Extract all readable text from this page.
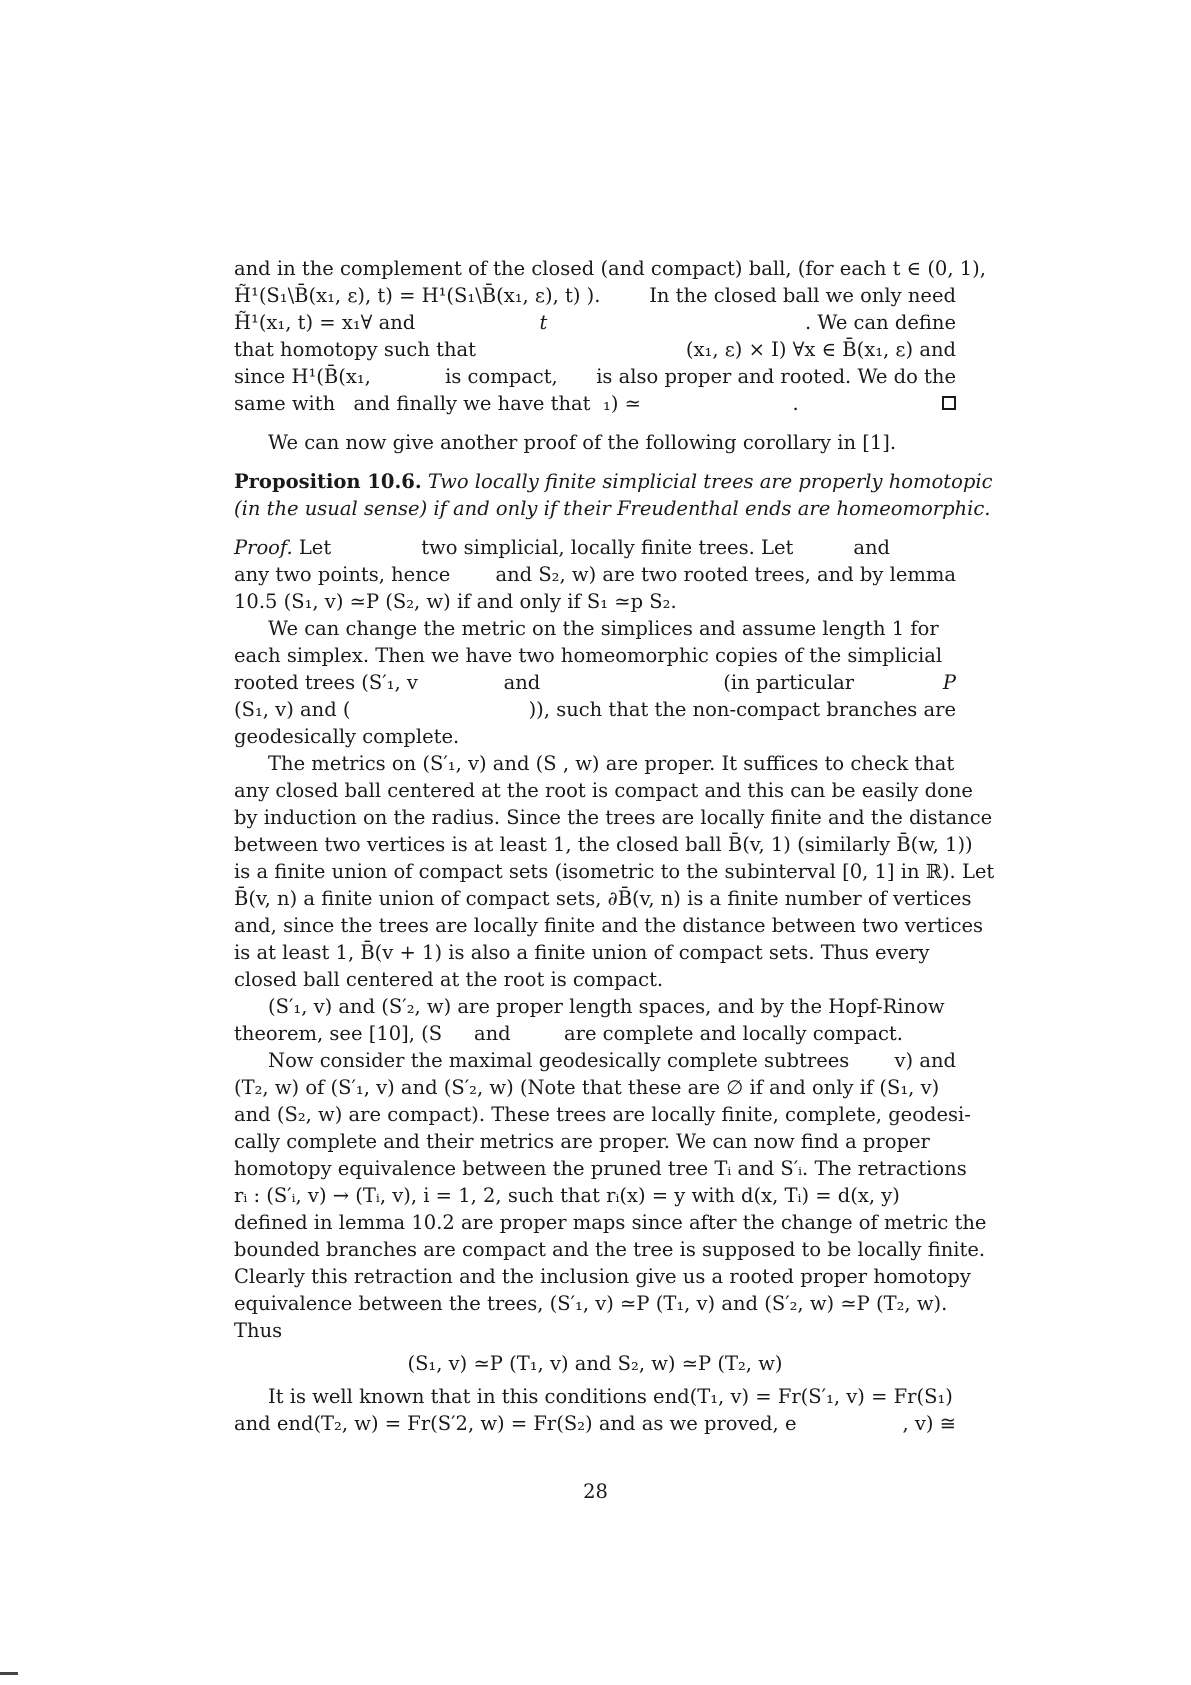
and in the complement of the closed (and compact) ball, (for each t ∈ (0, 1),
H̃¹(S₁\B̄(x₁, ε), t) = H¹(S₁\B̄(x₁, ε), t) ). In the closed ball we only need
H̃¹(x₁, t) = x₁∀ and	t	. We can define
that homotopy such that	(x₁, ε) × I) ∀x ∈ B̄(x₁, ε) and
since H¹(B̄(x₁,	is compact,	is also proper and rooted. We do the
same with and finally we have that ₁) ≃	.
We can now give another proof of the following corollary in [1].
Proposition 10.6.
Two locally finite simplicial trees are properly homotopic
(in the usual sense) if and only if their Freudenthal ends are homeomorphic.
Proof. Let	two simplicial, locally finite trees. Let	and
any two points, hence and S₂, w) are two rooted trees, and by lemma
10.5 (S₁, v) ≃P (S₂, w) if and only if S₁ ≃p S₂.
We can change the metric on the simplices and assume length 1 for
each simplex. Then we have two homeomorphic copies of the simplicial
rooted trees (S′₁, v	and	(in particular	P
(S₁, v) and (	)), such that the non-compact branches are
geodesically complete.
The metrics on (S′₁, v) and (S , w) are proper. It suffices to check that
any closed ball centered at the root is compact and this can be easily done
by induction on the radius. Since the trees are locally finite and the distance
between two vertices is at least 1, the closed ball B̄(v, 1) (similarly B̄(w, 1))
is a finite union of compact sets (isometric to the subinterval [0, 1] in ℝ). Let
B̄(v, n) a finite union of compact sets, ∂B̄(v, n) is a finite number of vertices
and, since the trees are locally finite and the distance between two vertices
is at least 1, B̄(v + 1) is also a finite union of compact sets. Thus every
closed ball centered at the root is compact.
(S′₁, v) and (S′₂, w) are proper length spaces, and by the Hopf-Rinow
theorem, see [10], (S	and	are complete and locally compact.
Now consider the maximal geodesically complete subtrees v) and
(T₂, w) of (S′₁, v) and (S′₂, w) (Note that these are ∅ if and only if (S₁, v)
and (S₂, w) are compact). These trees are locally finite, complete, geodesi-
cally complete and their metrics are proper. We can now find a proper
homotopy equivalence between the pruned tree Tᵢ and S′ᵢ. The retractions
rᵢ : (S′ᵢ, v) → (Tᵢ, v), i = 1, 2, such that rᵢ(x) = y with d(x, Tᵢ) = d(x, y)
defined in lemma 10.2 are proper maps since after the change of metric the
bounded branches are compact and the tree is supposed to be locally finite.
Clearly this retraction and the inclusion give us a rooted proper homotopy
equivalence between the trees, (S′₁, v) ≃P (T₁, v) and (S′₂, w) ≃P (T₂, w).
Thus
(S₁, v) ≃P (T₁, v) and S₂, w) ≃P (T₂, w)
It is well known that in this conditions end(T₁, v) = Fr(S′₁, v) = Fr(S₁)
and end(T₂, w) = Fr(S′2, w) = Fr(S₂) and as we proved, e	, v) ≅
28
